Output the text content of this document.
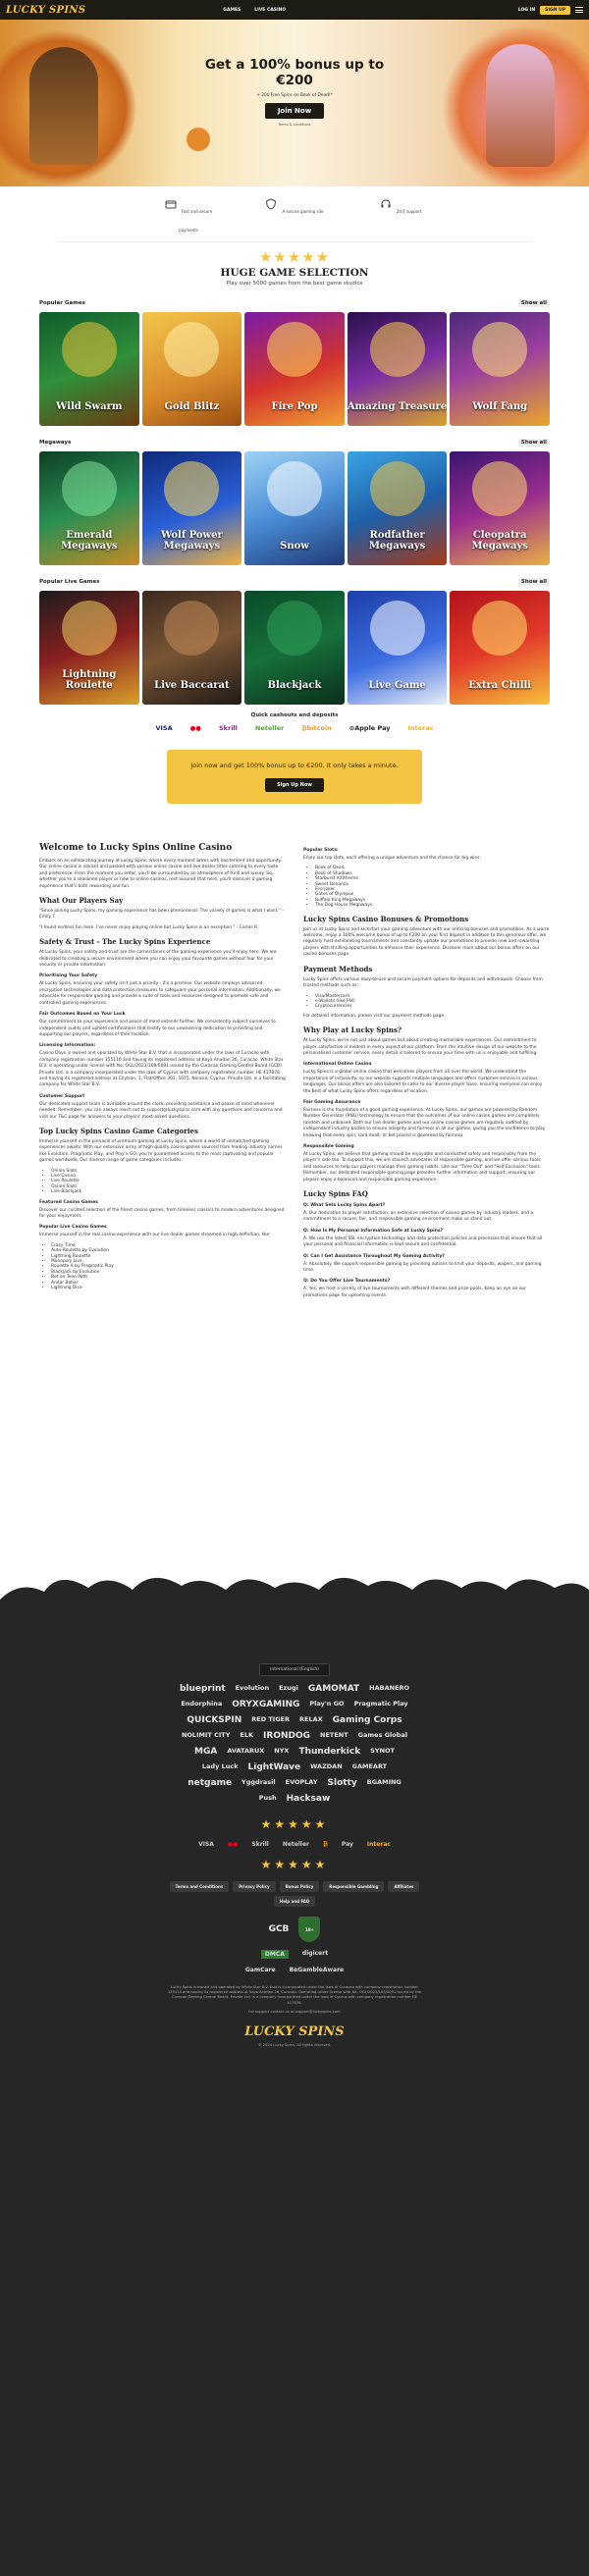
LUCKY SPINS	GAMES	LIVE CASINO	LOG IN	SIGN UP
Get a 100% bonus up to €200
+ 200 Free Spins on Book of Dead!*
Join Now
Terms & conditions
Fast and secure payments
A secure gaming site	24/7 support
★★★★★
HUGE GAME SELECTION
Play over 5000 games from the best game studios
Popular Games	Show all
Wild Swarm	Gold Blitz	Fire Pop	Amazing Treasure	Wolf Fang
Megaways	Show all
Emerald Megaways
Wolf Power Megaways	Snow
Rodfather Megaways
Cleopatra Megaways
Popular Live Games	Show all
Lightning Roulette	Live Baccarat	Blackjack	Live Game	Extra Chilli
Quick cashouts and deposits
VISA	●●	Skrill	Neteller	₿bitcoin	⊙Apple Pay	Interac

Join now and get 100% bonus up to €200. It only takes a minute.

Sign Up Now
Welcome to Lucky Spins Online Casino
Embark on an exhilarating journey at Lucky Spins, where every moment brims with excitement and opportunity. Our online casino is vibrant and packed with various online casino and live dealer titles catering to every taste and preference. From the moment you enter, you'll be surrounded by an atmosphere of thrill and luxury. So, whether you're a seasoned player or new to online casinos, rest assured that here, you'll discover a gaming experience that's both rewarding and fun.
What Our Players Say
"Since joining Lucky Spins, my gaming experience has been phenomenal. The variety of games is what I want." - Emily T.
"I found endless fun here. I've never enjoy playing online but Lucky Spins is an exception." - Carlos R.
Safety & Trust - The Lucky Spins Experience
At Lucky Spins, your safety and trust are the cornerstones of the gaming experience you'll enjoy here. We are dedicated to creating a secure environment where you can enjoy your favourite games without fear for your security or private information.
Prioritising Your Safety
At Lucky Spins, ensuring your safety isn't just a priority - it's a promise. Our website employs advanced encryption technologies and data protection measures to safeguard your personal information. Additionally, we advocate for responsible gaming and provide a suite of tools and resources designed to promote safe and controlled gaming experiences.
Fair Outcomes Based on Your Luck
Our commitment to your experience and peace of mind extends further. We consistently subject ourselves to independent audits and uphold certifications that testify to our unwavering dedication to providing and supporting our players, regardless of their location.
Licensing Information:
Casino Days is owned and operated by White Star B.V. that is incorporated under the laws of Curacao with company registration number 155110 and having its registered address at Kaya Anadan 26, Curacao. White Star B.V. is operating under license with No. OGL/2023/109/0091 issued by the Curacao Gaming Control Board (GCB). Private Ltd. is a company incorporated under the laws of Cyprus with company registration number HE 417878 and having its registered address at Chytron, 1, Flat/Office 301, 1075, Nicosia, Cyprus. Private Ltd. is a facilitating company for White Star B.V.
Customer Support
Our dedicated support team is available around the clock, providing assistance and peace of mind whenever needed. Remember, you can always reach out to support@luckyspins.com with any questions and concerns and visit our T&C page for answers to your players' most-asked questions.
Top Lucky Spins Casino Game Categories
Immerse yourself in the pinnacle of premium gaming at Lucky Spins, where a world of unmatched gaming experiences awaits. With our extensive array of high-quality casino games sourced from leading industry names like Evolution, Pragmatic Play, and Play'n GO, you're guaranteed access to the most captivating and popular games worldwide. Our diverse range of game categories includes:
• Online Slots
• Live Casino
• Live Roulette
• Online Slots
• Live Blackjack
Featured Casino Games
Discover our curated selection of the finest casino games, from timeless classics to modern adventures designed for your enjoyment.
Popular Live Casino Games
Immerse yourself in the real casino experience with our live dealer games streamed in high definition, like:
• Crazy Time
• Auto-Roulette by Evolution
• Lightning Roulette
• Monopoly Live
• Roulette A by Pragmatic Play
• Blackjack by Evolution
• Bet on Teen Patti
• Andar Bahar
• Lightning Dice
Popular Slots:
Enjoy our top slots, each offering a unique adventure and the chance for big wins:
• Book of Dead
• Book of Shadows
• Starburst XXXtreme
• Sweet Bonanza
• Fire Joker
• Gates of Olympus
• Buffalo King Megaways
• The Dog House Megaways
Lucky Spins Casino Bonuses & Promotions
Join us at Lucky Spins and kickstart your gaming adventure with our enticing bonuses and promotions. As a warm welcome, enjoy a 100% welcome bonus of up to €200 on your first deposit in addition to this generous offer, we regularly host exhilarating tournaments and constantly update our promotions to provide new and rewarding players with thrilling opportunities to enhance their experience. Discover more about our bonus offers on our casino bonuses page.
Payment Methods
Lucky Spins offers various easy-to-use and secure payment options for deposits and withdrawals. Choose from trusted methods such as:
• Visa/Mastercard
• e-Wallets (like PIX)
• Cryptocurrencies
For detailed information, please visit our payment methods page.
Why Play at Lucky Spins?
At Lucky Spins, we're not just about games but about creating memorable experiences. Our commitment to player satisfaction is evident in every aspect of our platform. From the intuitive design of our website to the personalised customer service, every detail is tailored to ensure your time with us is enjoyable and fulfilling.
International Online Casino
Lucky Spins is a global online casino that welcomes players from all over the world. We understand the importance of inclusivity, so our website supports multiple languages and offers customer service in various languages. Our bonus offers are also tailored to cater to our diverse player base, ensuring everyone can enjoy the best of what Lucky Spins offers regardless of location.
Fair Gaming Assurance
Fairness is the foundation of a good gaming experience. At Lucky Spins, our games are powered by Random Number Generator (RNG) technology to ensure that the outcomes of our online casino games are completely random and unbiased. Both our live dealer games and our online casino games are regularly audited by independent industry bodies to ensure integrity and fairness in all our games, giving you the confidence to play knowing that every spin, card dealt, or bet placed is governed by fairness.
Responsible Gaming
At Lucky Spins, we believe that gaming should be enjoyable and conducted safely and responsibly from the player's side too. To support this, we are staunch advocates of responsible gaming, and we offer various tools and resources to help our players manage their gaming habits. Like our "Time Out" and "Self Exclusion" tools. Remember, our dedicated responsible gaming page provides further information and support, ensuring our players enjoy a balanced and responsible gaming experience.
Lucky Spins FAQ
Q: What Sets Lucky Spins Apart?
A: Our dedication to player satisfaction, an extensive selection of casino games by industry leaders, and a commitment to a secure, fair, and responsible gaming environment make us stand out.
Q: How Is My Personal Information Safe at Lucky Spins?
A: We use the latest SSL encryption technology and data protection policies and processes that ensure that all your personal and financial information is kept secure and confidential.
Q: Can I Get Assistance Throughout My Gaming Activity?
A: Absolutely. We support responsible gaming by providing options to limit your deposits, wagers, and gaming time.
Q: Do You Offer Live Tournaments?
A: Yes, we host a variety of live tournaments with different themes and prize pools. Keep an eye on our promotions page for upcoming events.
International (English)
blueprint Evolution Ezugi GAMOMAT HABANERO
Endorphina ORYXGAMING Play'n GO Pragmatic Play
QUICKSPIN RED TIGER RELAX Gaming Corps
NOLIMIT CITY ELK IRONDOG NETENT Games Global
MGA AVATARUX NYX Thunderkick SYNOT
Lady Luck LightWave WAZDAN GAMEART
netgame Yggdrasil EVOPLAY Slotty BGAMING
Push Hacksaw
★★★★★
VISA ●● Skrill Neteller ₿ Pay Interac
★★★★★
Terms and Conditions	Privacy Policy	Bonus Policy	Responsible Gambling	Affiliates
Help and FAQ
GCB	18+
DMCA	digicert
GamCare BeGambleAware
Lucky Spins is owned and operated by White Star B.V. that is incorporated under the laws of Curacao with company registration number 155110 and having its registered address at Kaya Anadan 26, Curacao. Operating under license with No. OGL/2023/109/0091 issued by the Curacao Gaming Control Board. Private Ltd. is a company incorporated under the laws of Cyprus with company registration number HE 417878.
For support contact us at support@luckyspins.com
LUCKY SPINS
© 2024 Lucky Spins. All rights reserved.
